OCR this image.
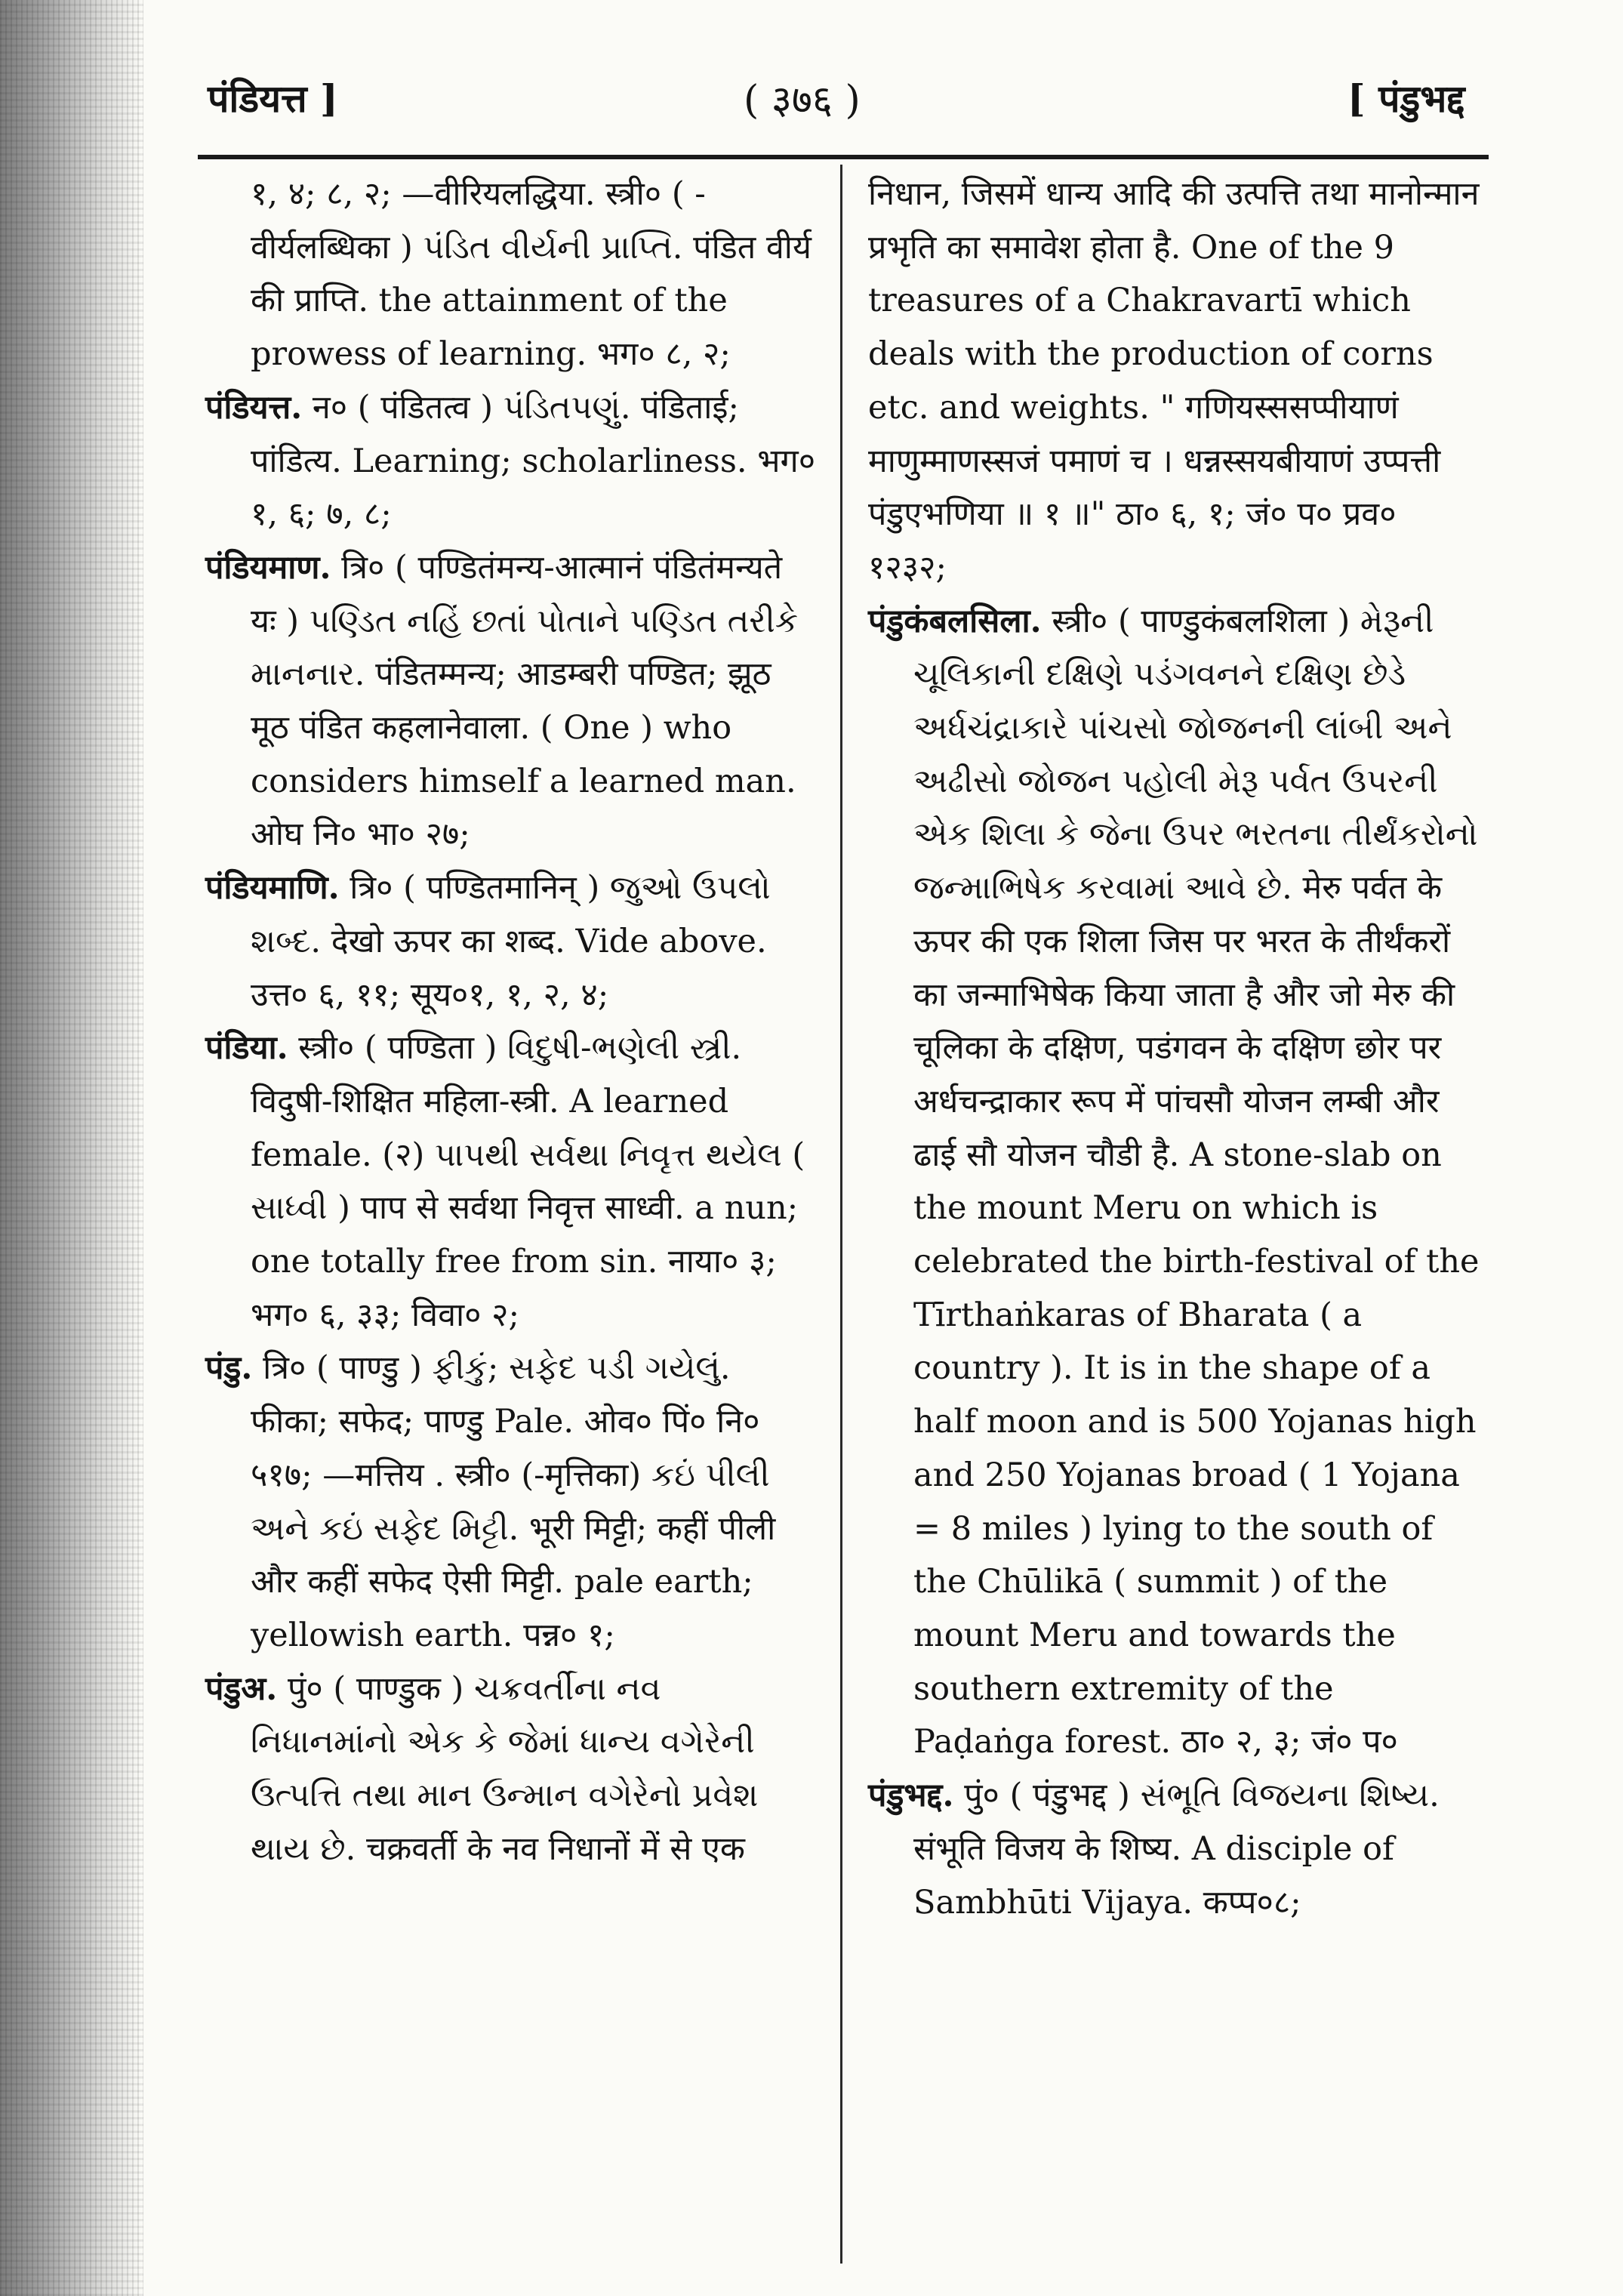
पंडियत्त ]	( ३७६ )	[ पंडुभद्द

१, ४; ८, २; —वीरियलद्धिया. स्त्री० ( -वीर्यलब्धिका ) પંડિત વીર્યની પ્રાપ્તિ. पंडित वीर्य की प्राप्ति. the attainment of the prowess of learning. भग० ८, २;

पंडियत्त. न० ( पंडितत्व ) પંડિતપણું. पंडिताई; पांडित्य. Learning; scholarliness. भग० १, ६; ७, ८;

पंडियमाण. त्रि० ( पण्डितंमन्य-आत्मानं पंडितंमन्यते यः ) પણ્ડિત નહિં છતાં પોતાને પણ્ડિત તરીકે માનનાર. पंडितम्मन्य; आडम्बरी पण्डित; झूठ मूठ पंडित कहलानेवाला. ( One ) who considers himself a learned man. ओघ नि० भा० २७;

पंडियमाणि. त्रि० ( पण्डितमानिन् ) જુઓ ઉપલો શબ્દ. देखो ऊपर का शब्द. Vide above. उत्त० ६, ११; सूय०१, १, २, ४;

पंडिया. स्त्री० ( पण्डिता ) વિદુષી-ભણેલી સ્ત્રી. विदुषी-शिक्षित महिला-स्त्री. A learned female. (२) પાપથી સર્વથા નિવૃત્ત થયેલ ( સાધ્વી ) पाप से सर्वथा निवृत्त साध्वी. a nun; one totally free from sin. नाया० ३; भग० ६, ३३; विवा० २;

पंडु. त्रि० ( पाण्डु ) ફીકું; સફેદ પડી ગયેલું. फीका; सफेद; पाण्डु Pale. ओव० पिं० नि० ५१७; —मत्तिय . स्त्री० (-मृत्तिका) કઇં પીલી અને કઇં સફેદ મિટ્ટી. भूरी मिट्टी; कहीं पीली और कहीं सफेद ऐसी मिट्टी. pale earth; yellowish earth. पन्न० १;

पंडुअ. पुं० ( पाण्डुक ) ચક્રવર્તીના નવ નિધાનમાંનો એક કે જેમાં ધાન્ય વગેરેની ઉત્પત્તિ તથા માન ઉન્માન વગેરેનો પ્રવેશ થાય છે. चक्रवर्ती के नव निधानों में से एक

निधान, जिसमें धान्य आदि की उत्पत्ति तथा मानोन्मान प्रभृति का समावेश होता है. One of the 9 treasures of a Chakravartī which deals with the production of corns etc. and weights. " गणियस्ससप्पीयाणं माणुम्माणस्सजं पमाणं च । धन्नस्सयबीयाणं उप्पत्ती पंडुएभणिया ॥ १ ॥" ठा० ६, १; जं० प० प्रव० १२३२;

पंडुकंबलसिला. स्त्री० ( पाण्डुकंबलशिला ) મેરૂની ચૂલિકાની દક્ષિણે પડંગવનને દક્ષિણ છેડે અર્ધચંદ્રાકારે પાંચસો જોજનની લાંબી અને અઢીસો જોજન પહોલી મેરૂ પર્વત ઉપરની એક શિલા કે જેના ઉપર ભરતના તીર્થંકરોનો જન્માભિષેક કરવામાં આવે છે. मेरु पर्वत के ऊपर की एक शिला जिस पर भरत के तीर्थंकरों का जन्माभिषेक किया जाता है और जो मेरु की चूलिका के दक्षिण, पडंगवन के दक्षिण छोर पर अर्धचन्द्राकार रूप में पांचसौ योजन लम्बी और ढाई सौ योजन चौडी है. A stone-slab on the mount Meru on which is celebrated the birth-festival of the Tīrthaṅkaras of Bharata ( a country ). It is in the shape of a half moon and is 500 Yojanas high and 250 Yojanas broad ( 1 Yojana = 8 miles ) lying to the south of the Chūlikā ( summit ) of the mount Meru and towards the southern extremity of the Paḍaṅga forest. ठा० २, ३; जं० प०

पंडुभद्द. पुं० ( पंडुभद्द ) સંભૂતિ વિજયના શિષ્ય. संभूति विजय के शिष्य. A disciple of Sambhūti Vijaya. कप्प०८;
